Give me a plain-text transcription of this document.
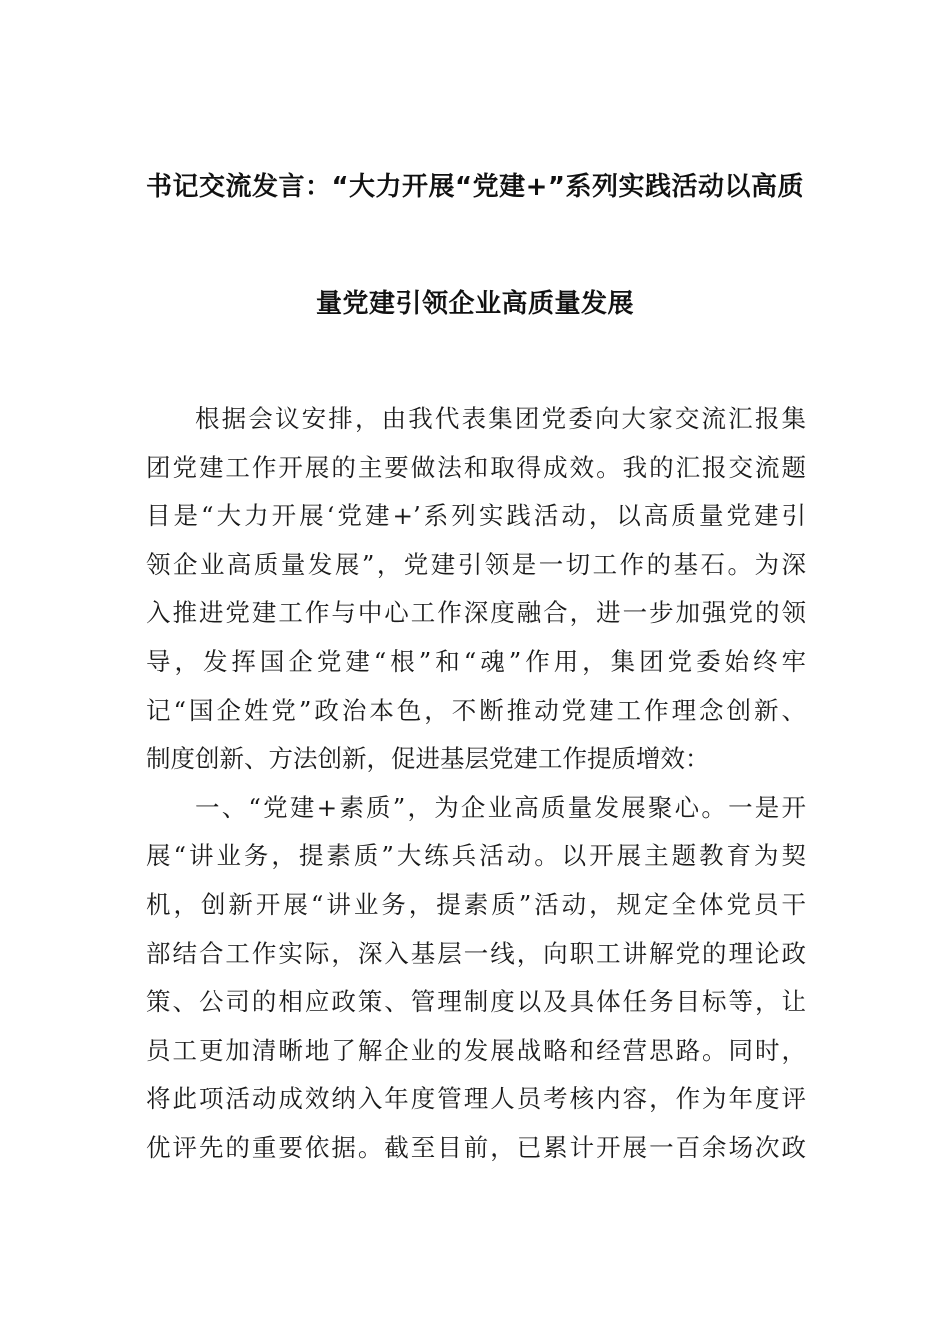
书记交流发言：“大力开展“党建+”系列实践活动以高质
量党建引领企业高质量发展
根据会议安排，由我代表集团党委向大家交流汇报集
团党建工作开展的主要做法和取得成效。我的汇报交流题
目是“大力开展‘党建+’系列实践活动，以高质量党建引
领企业高质量发展”，党建引领是一切工作的基石。为深
入推进党建工作与中心工作深度融合，进一步加强党的领
导，发挥国企党建“根”和“魂”作用，集团党委始终牢
记“国企姓党”政治本色，不断推动党建工作理念创新、
制度创新、方法创新，促进基层党建工作提质增效：
一、“党建+素质”，为企业高质量发展聚心。一是开
展“讲业务，提素质”大练兵活动。以开展主题教育为契
机，创新开展“讲业务，提素质”活动，规定全体党员干
部结合工作实际，深入基层一线，向职工讲解党的理论政
策、公司的相应政策、管理制度以及具体任务目标等，让
员工更加清晰地了解企业的发展战略和经营思路。同时，
将此项活动成效纳入年度管理人员考核内容，作为年度评
优评先的重要依据。截至目前，已累计开展一百余场次政
